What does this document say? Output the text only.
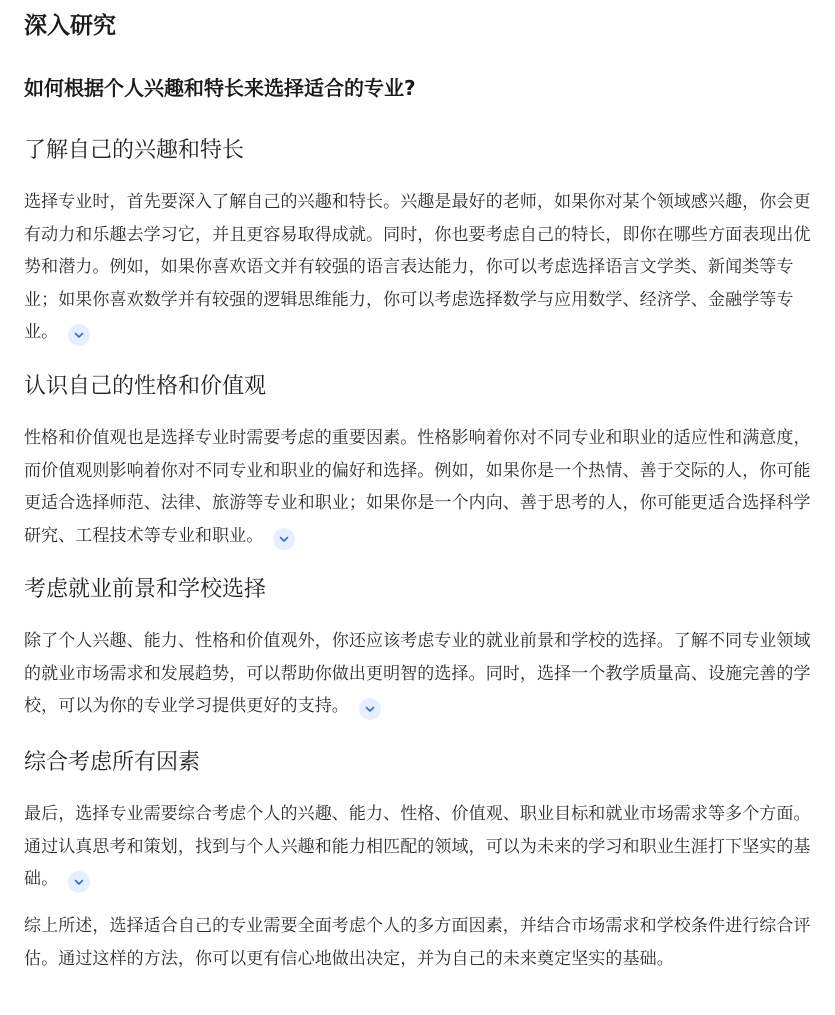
深入研究
如何根据个人兴趣和特长来选择适合的专业?
了解自己的兴趣和特长

选择专业时，首先要深入了解自己的兴趣和特长。兴趣是最好的老师，如果你对某个领域感兴趣，你会更有动力和乐趣去学习它，并且更容易取得成就。同时，你也要考虑自己的特长，即你在哪些方面表现出优势和潜力。例如，如果你喜欢语文并有较强的语言表达能力，你可以考虑选择语言文学类、新闻类等专业；如果你喜欢数学并有较强的逻辑思维能力，你可以考虑选择数学与应用数学、经济学、金融学等专业。

认识自己的性格和价值观

性格和价值观也是选择专业时需要考虑的重要因素。性格影响着你对不同专业和职业的适应性和满意度，而价值观则影响着你对不同专业和职业的偏好和选择。例如，如果你是一个热情、善于交际的人，你可能更适合选择师范、法律、旅游等专业和职业；如果你是一个内向、善于思考的人，你可能更适合选择科学研究、工程技术等专业和职业。

考虑就业前景和学校选择

除了个人兴趣、能力、性格和价值观外，你还应该考虑专业的就业前景和学校的选择。了解不同专业领域的就业市场需求和发展趋势，可以帮助你做出更明智的选择。同时，选择一个教学质量高、设施完善的学校，可以为你的专业学习提供更好的支持。

综合考虑所有因素

最后，选择专业需要综合考虑个人的兴趣、能力、性格、价值观、职业目标和就业市场需求等多个方面。通过认真思考和策划，找到与个人兴趣和能力相匹配的领域，可以为未来的学习和职业生涯打下坚实的基础。

综上所述，选择适合自己的专业需要全面考虑个人的多方面因素，并结合市场需求和学校条件进行综合评估。通过这样的方法，你可以更有信心地做出决定，并为自己的未来奠定坚实的基础。
